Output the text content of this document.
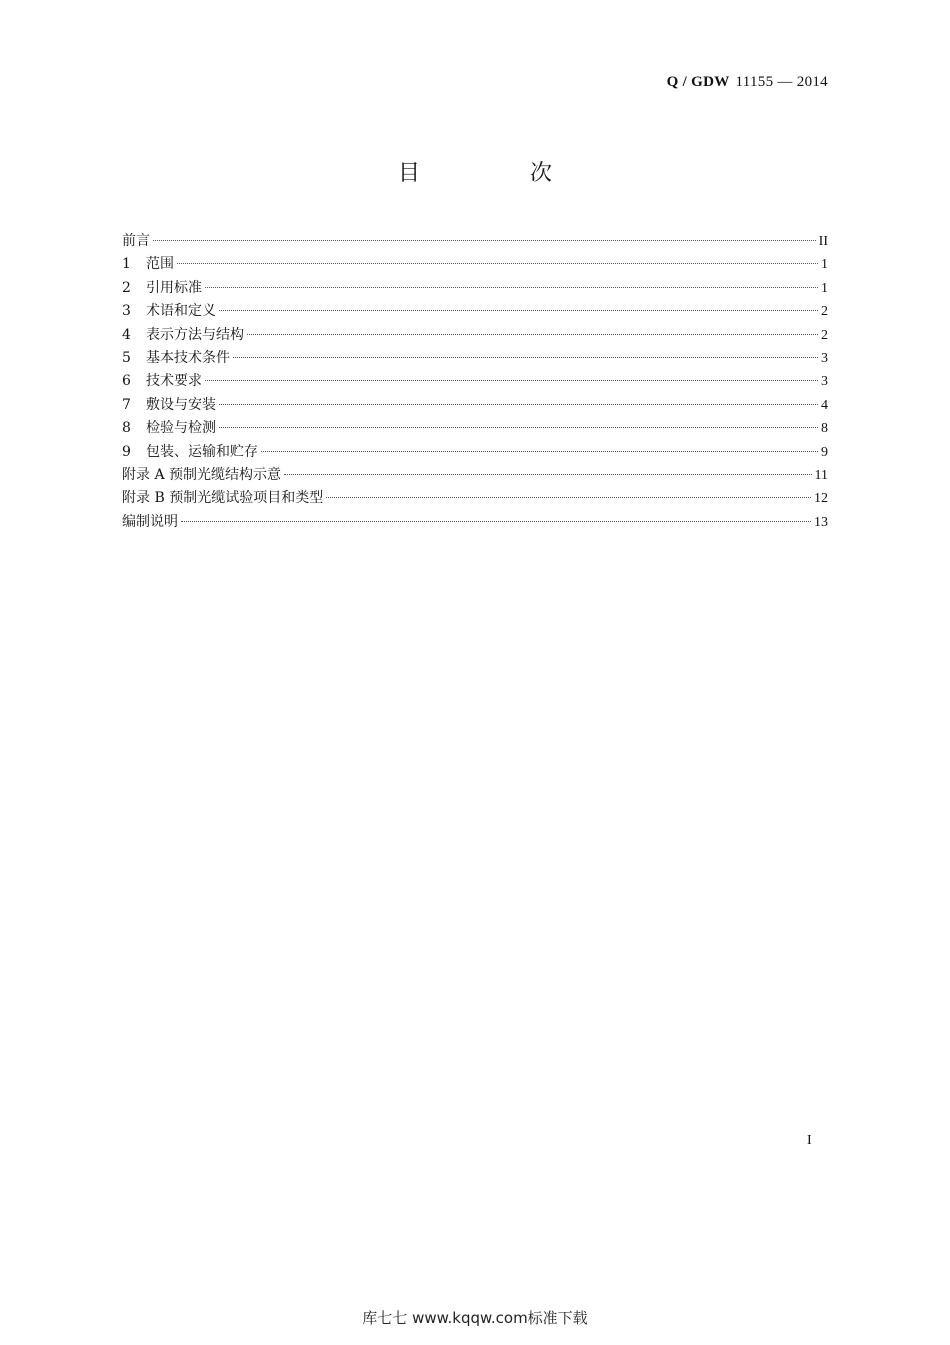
Q / GDW 11155 — 2014
目　次
前言	II
1	范围	1
2	引用标准	1
3	术语和定义	2
4	表示方法与结构	2
5	基本技术条件	3
6	技术要求	3
7	敷设与安装	4
8	检验与检测	8
9	包装、运输和贮存	9
附录 A 预制光缆结构示意	11
附录 B 预制光缆试验项目和类型	12
编制说明	13
I
库七七 www.kqqw.com标准下载
